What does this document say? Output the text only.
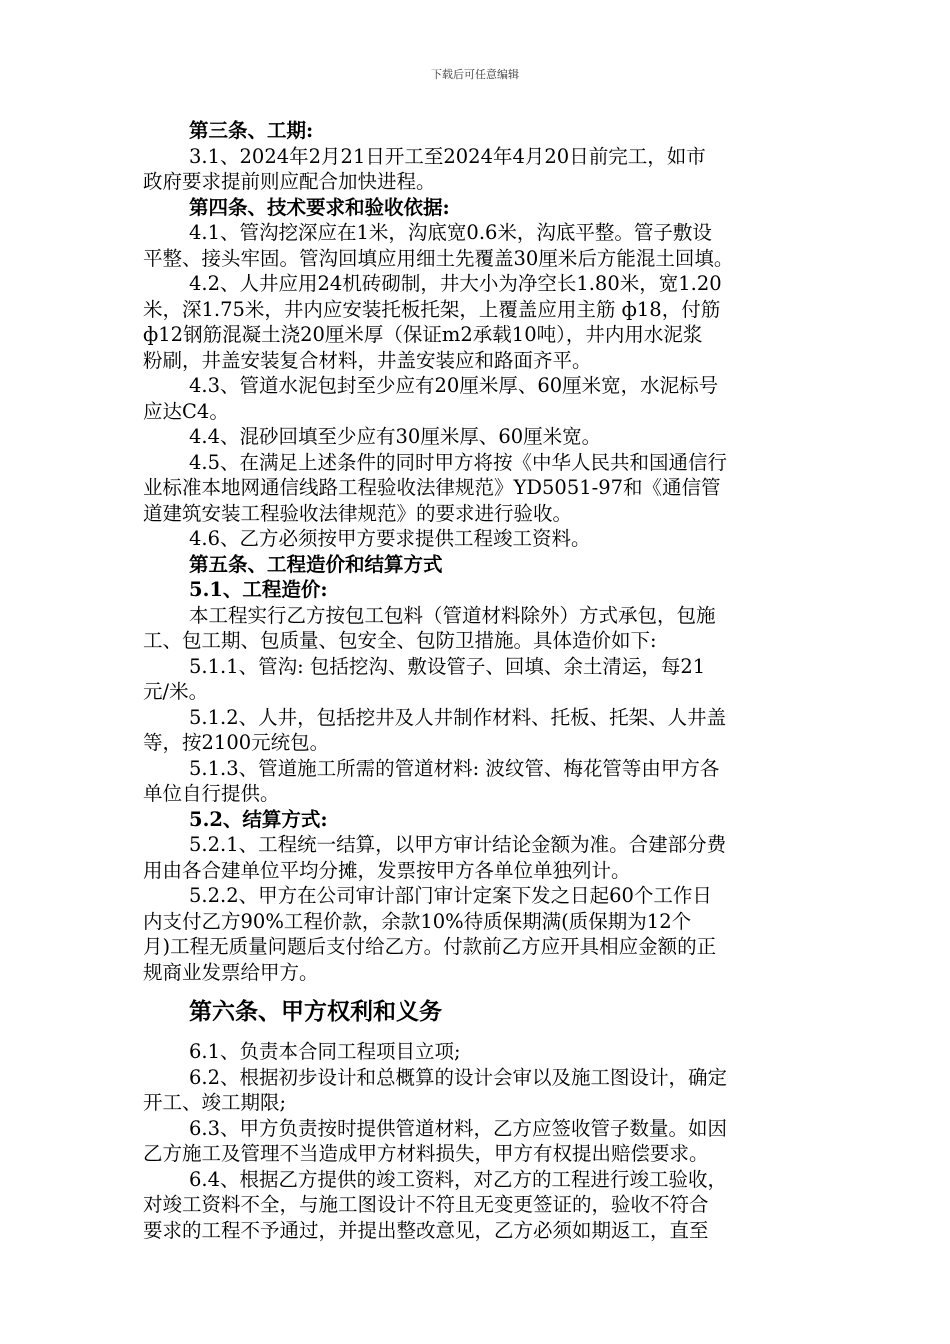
下载后可任意编辑

第三条、工期:

3.1、2024年2月21日开工至2024年4月20日前完工，如市

政府要求提前则应配合加快进程。

第四条、技术要求和验收依据:

4.1、管沟挖深应在1米，沟底宽0.6米，沟底平整。管子敷设

平整、接头牢固。管沟回填应用细土先覆盖30厘米后方能混土回填。

4.2、人井应用24机砖砌制，井大小为净空长1.80米，宽1.20

米，深1.75米，井内应安装托板托架，上覆盖应用主筋 ф18，付筋

ф12钢筋混凝土浇20厘米厚（保证m2承载10吨），井内用水泥浆

粉刷，井盖安装复合材料，井盖安装应和路面齐平。

4.3、管道水泥包封至少应有20厘米厚、60厘米宽，水泥标号

应达C4。

4.4、混砂回填至少应有30厘米厚、60厘米宽。

4.5、在满足上述条件的同时甲方将按《中华人民共和国通信行

业标准本地网通信线路工程验收法律规范》YD5051-97和《通信管

道建筑安装工程验收法律规范》的要求进行验收。

4.6、乙方必须按甲方要求提供工程竣工资料。

第五条、工程造价和结算方式

5.1、工程造价:

本工程实行乙方按包工包料（管道材料除外）方式承包，包施

工、包工期、包质量、包安全、包防卫措施。具体造价如下:

5.1.1、管沟: 包括挖沟、敷设管子、回填、余土清运，每21

元/米。

5.1.2、人井，包括挖井及人井制作材料、托板、托架、人井盖

等，按2100元统包。

5.1.3、管道施工所需的管道材料: 波纹管、梅花管等由甲方各

单位自行提供。

5.2、结算方式:

5.2.1、工程统一结算，以甲方审计结论金额为准。合建部分费

用由各合建单位平均分摊，发票按甲方各单位单独列计。

5.2.2、甲方在公司审计部门审计定案下发之日起60个工作日

内支付乙方90%工程价款，余款10%待质保期满(质保期为12个

月)工程无质量问题后支付给乙方。付款前乙方应开具相应金额的正

规商业发票给甲方。

第六条、甲方权利和义务

6.1、负责本合同工程项目立项;

6.2、根据初步设计和总概算的设计会审以及施工图设计，确定

开工、竣工期限;

6.3、甲方负责按时提供管道材料，乙方应签收管子数量。如因

乙方施工及管理不当造成甲方材料损失，甲方有权提出赔偿要求。

6.4、根据乙方提供的竣工资料，对乙方的工程进行竣工验收，

对竣工资料不全，与施工图设计不符且无变更签证的，验收不符合

要求的工程不予通过，并提出整改意见，乙方必须如期返工，直至
